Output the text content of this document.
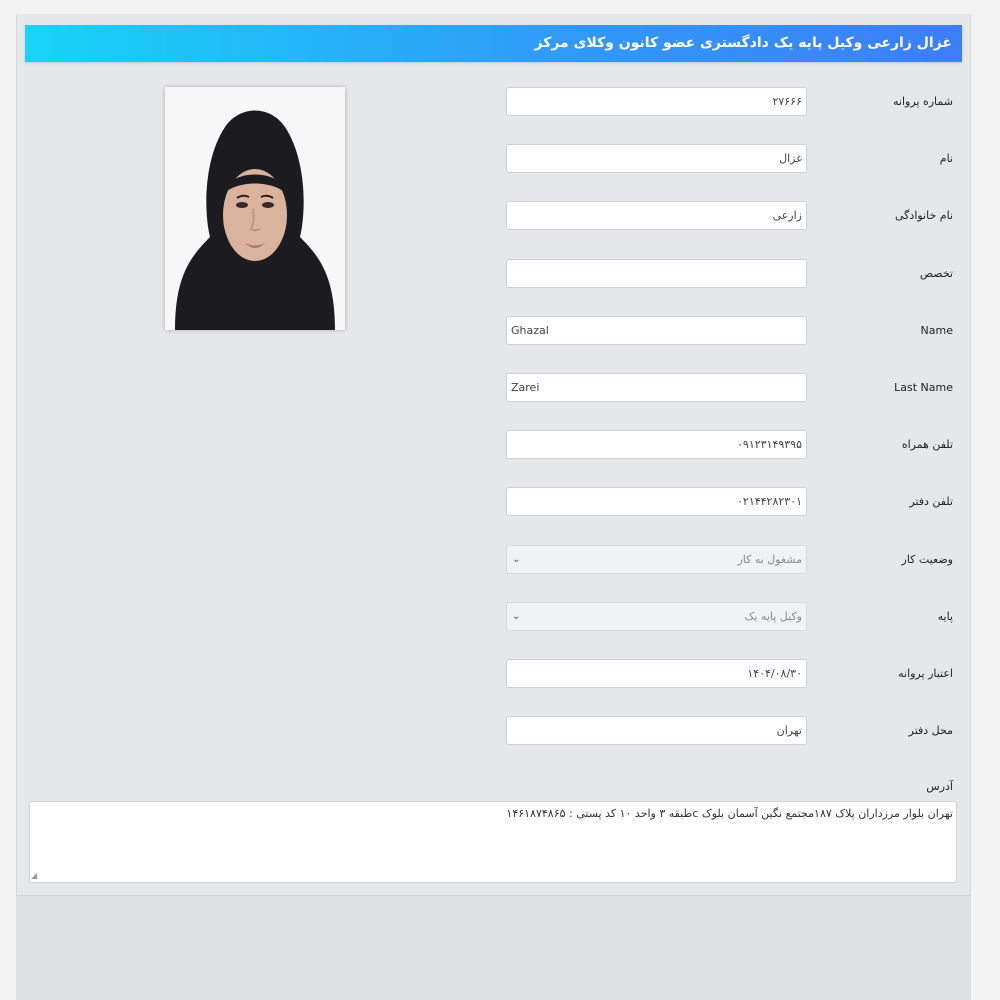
غزال زارعی وکیل پایه یک دادگستری عضو کانون وکلای مرکز
شماره پروانه
۲۷۶۶۶
نام
غزال
نام خانوادگی
زارعی
تخصص
Name
Ghazal
Last Name
Zarei
تلفن همراه
۰۹۱۲۳۱۴۹۳۹۵
تلفن دفتر
۰۲۱۴۴۲۸۲۳۰۱
وضعیت کار
مشغول به کار
⌄
پایه
وکیل پایه یک
⌄
اعتبار پروانه
۱۴۰۴/۰۸/۳۰
محل دفتر
تهران
آدرس
تهران بلوار مرزداران پلاک ۱۸۷مجتمع نگین آسمان بلوک cطبقه ۳ واحد ۱۰ کد پستی : ۱۴۶۱۸۷۴۸۶۵
◢
